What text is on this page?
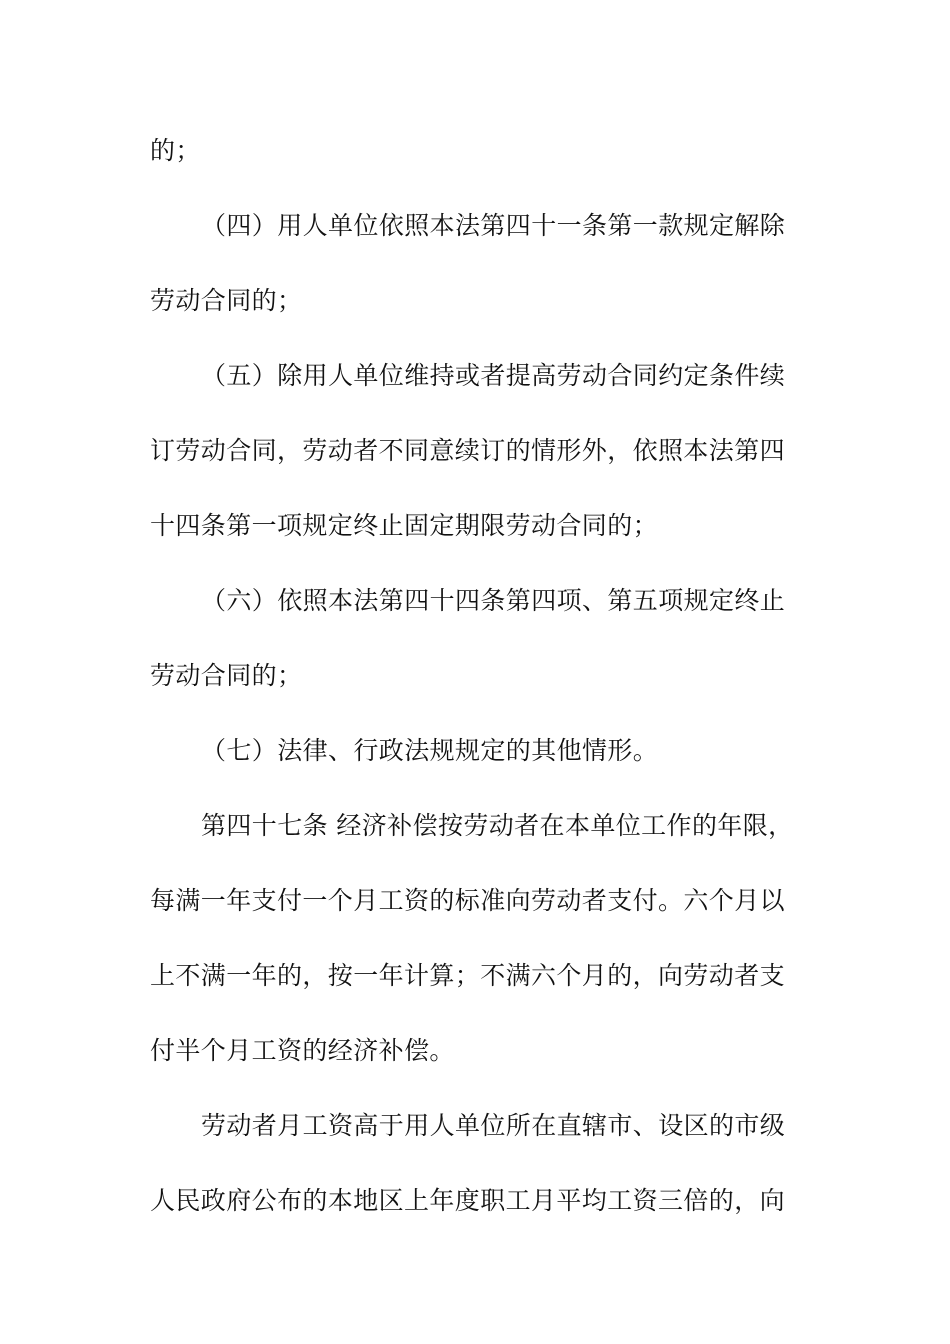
的；
（四）用人单位依照本法第四十一条第一款规定解除
劳动合同的；
（五）除用人单位维持或者提高劳动合同约定条件续
订劳动合同，劳动者不同意续订的情形外，依照本法第四
十四条第一项规定终止固定期限劳动合同的；
（六）依照本法第四十四条第四项、第五项规定终止
劳动合同的；
（七）法律、行政法规规定的其他情形。
第四十七条 经济补偿按劳动者在本单位工作的年限，
每满一年支付一个月工资的标准向劳动者支付。六个月以
上不满一年的，按一年计算；不满六个月的，向劳动者支
付半个月工资的经济补偿。
劳动者月工资高于用人单位所在直辖市、设区的市级
人民政府公布的本地区上年度职工月平均工资三倍的，向
